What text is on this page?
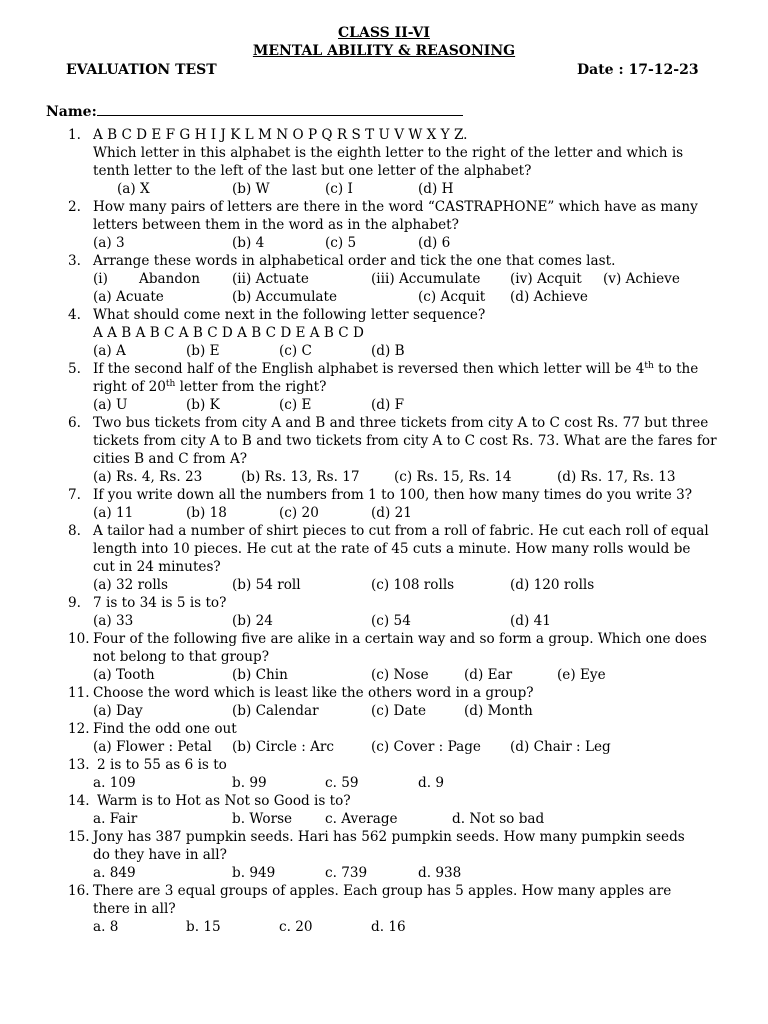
CLASS II-VI
MENTAL ABILITY & REASONING
EVALUATION TEST	Date : 17-12-23
Name:
1. A B C D E F G H I J K L M N O P Q R S T U V W X Y Z.
Which letter in this alphabet is the eighth letter to the right of the letter and which is
tenth letter to the left of the last but one letter of the alphabet?
(a) X	(b) W	(c) I	(d) H
2. How many pairs of letters are there in the word “CASTRAPHONE” which have as many
letters between them in the word as in the alphabet?
(a) 3	(b) 4	(c) 5	(d) 6
3. Arrange these words in alphabetical order and tick the one that comes last.
(i) Abandon (ii) Actuate	(iii) Accumulate (iv) Acquit (v) Achieve
(a) Acuate	(b) Accumulate	(c) Acquit (d) Achieve
4. What should come next in the following letter sequence?
A A B A B C A B C D A B C D E A B C D
(a) A	(b) E	(c) C	(d) B
5. If the second half of the English alphabet is reversed then which letter will be 4th to the
right of 20th letter from the right?
(a) U	(b) K	(c) E	(d) F
6. Two bus tickets from city A and B and three tickets from city A to C cost Rs. 77 but three
tickets from city A to B and two tickets from city A to C cost Rs. 73. What are the fares for
cities B and C from A?
(a) Rs. 4, Rs. 23	(b) Rs. 13, Rs. 17	(c) Rs. 15, Rs. 14	(d) Rs. 17, Rs. 13
7. If you write down all the numbers from 1 to 100, then how many times do you write 3?
(a) 11	(b) 18	(c) 20	(d) 21
8. A tailor had a number of shirt pieces to cut from a roll of fabric. He cut each roll of equal
length into 10 pieces. He cut at the rate of 45 cuts a minute. How many rolls would be
cut in 24 minutes?
(a) 32 rolls	(b) 54 roll	(c) 108 rolls	(d) 120 rolls
9. 7 is to 34 is 5 is to?
(a) 33	(b) 24	(c) 54	(d) 41
10. Four of the following five are alike in a certain way and so form a group. Which one does
not belong to that group?
(a) Tooth	(b) Chin	(c) Nose	(d) Ear	(e) Eye
11. Choose the word which is least like the others word in a group?
(a) Day	(b) Calendar	(c) Date	(d) Month
12. Find the odd one out
(a) Flower : Petal (b) Circle : Arc	(c) Cover : Page (d) Chair : Leg
13. 2 is to 55 as 6 is to
a. 109	b. 99	c. 59	d. 9
14. Warm is to Hot as Not so Good is to?
a. Fair	b. Worse c. Average	d. Not so bad
15. Jony has 387 pumpkin seeds. Hari has 562 pumpkin seeds. How many pumpkin seeds
do they have in all?
a. 849	b. 949	c. 739	d. 938
16. There are 3 equal groups of apples. Each group has 5 apples. How many apples are
there in all?
a. 8	b. 15	c. 20	d. 16
